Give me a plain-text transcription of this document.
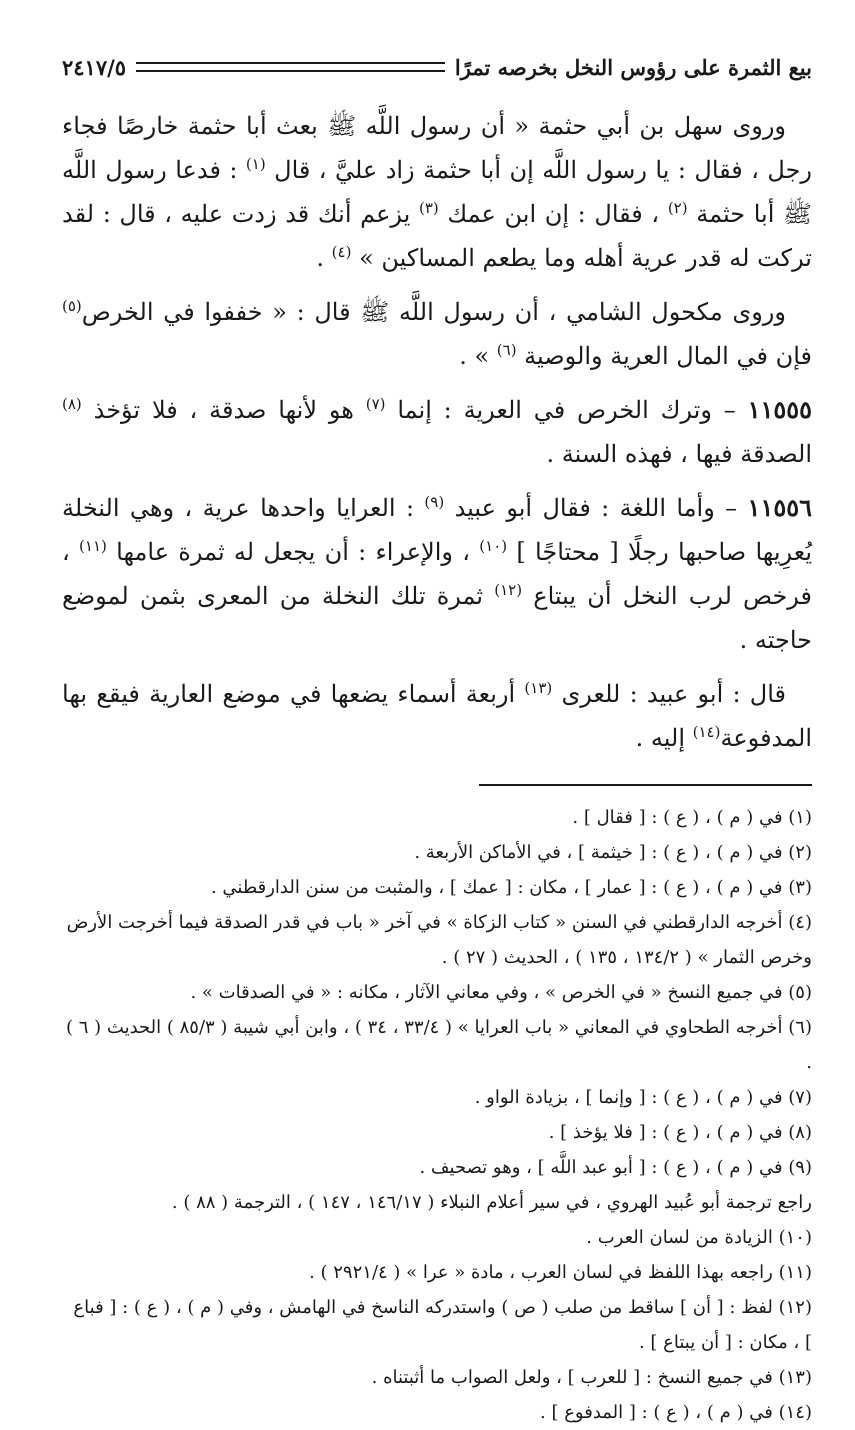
بيع الثمرة على رؤوس النخل بخرصه تمرًا
٢٤١٧/٥

وروى سهل بن أبي حثمة « أن رسول اللَّه ﷺ بعث أبا حثمة خارصًا فجاء رجل ، فقال : يا رسول اللَّه إن أبا حثمة زاد عليَّ ، قال $^{(١)}$ : فدعا رسول اللَّه ﷺ أبا حثمة $^{(٢)}$ ، فقال : إن ابن عمك $^{(٣)}$ يزعم أنك قد زدت عليه ، قال : لقد تركت له قدر عرية أهله وما يطعم المساكين » $^{(٤)}$ .

وروى مكحول الشامي ، أن رسول اللَّه ﷺ قال : « خففوا في الخرص$^{(٥)}$ فإن في المال العرية والوصية $^{(٦)}$ » .

١١٥٥٥ – وترك الخرص في العرية : إنما $^{(٧)}$ هو لأنها صدقة ، فلا تؤخذ $^{(٨)}$ الصدقة فيها ، فهذه السنة .

١١٥٥٦ – وأما اللغة : فقال أبو عبيد $^{(٩)}$ : العرايا واحدها عرية ، وهي النخلة يُعرِيها صاحبها رجلًا [ محتاجًا ] $^{(١٠)}$ ، والإعراء : أن يجعل له ثمرة عامها $^{(١١)}$ ، فرخص لرب النخل أن يبتاع $^{(١٢)}$ ثمرة تلك النخلة من المعرى بثمن لموضع حاجته .

قال : أبو عبيد : للعرى $^{(١٣)}$ أربعة أسماء يضعها في موضع العارية فيقع بها المدفوعة$^{(١٤)}$ إليه .

(١) في ( م ) ، ( ع ) : [ فقال ] .
(٢) في ( م ) ، ( ع ) : [ خيثمة ] ، في الأماكن الأربعة .
(٣) في ( م ) ، ( ع ) : [ عمار ] ، مكان : [ عمك ] ، والمثبت من سنن الدارقطني .
(٤) أخرجه الدارقطني في السنن « كتاب الزكاة » في آخر « باب في قدر الصدقة فيما أخرجت الأرض وخرص الثمار » ( ١٣٤/٢ ، ١٣٥ ) ، الحديث ( ٢٧ ) .
(٥) في جميع النسخ « في الخرص » ، وفي معاني الآثار ، مكانه : « في الصدقات » .
(٦) أخرجه الطحاوي في المعاني « باب العرايا » ( ٣٣/٤ ، ٣٤ ) ، وابن أبي شيبة ( ٨٥/٣ ) الحديث ( ٦ ) .
(٧) في ( م ) ، ( ع ) : [ وإنما ] ، بزيادة الواو .
(٨) في ( م ) ، ( ع ) : [ فلا يؤخذ ] .
(٩) في ( م ) ، ( ع ) : [ أبو عبد اللَّه ] ، وهو تصحيف .
راجع ترجمة أبو عُبيد الهروي ، في سير أعلام النبلاء ( ١٤٦/١٧ ، ١٤٧ ) ، الترجمة ( ٨٨ ) .
(١٠) الزيادة من لسان العرب .
(١١) راجعه بهذا اللفظ في لسان العرب ، مادة « عرا » ( ٢٩٢١/٤ ) .
(١٢) لفظ : [ أن ] ساقط من صلب ( ص ) واستدركه الناسخ في الهامش ، وفي ( م ) ، ( ع ) : [ فباع ] ، مكان : [ أن يبتاع ] .
(١٣) في جميع النسخ : [ للعرب ] ، ولعل الصواب ما أثبتناه .
(١٤) في ( م ) ، ( ع ) : [ المدفوع ] .
